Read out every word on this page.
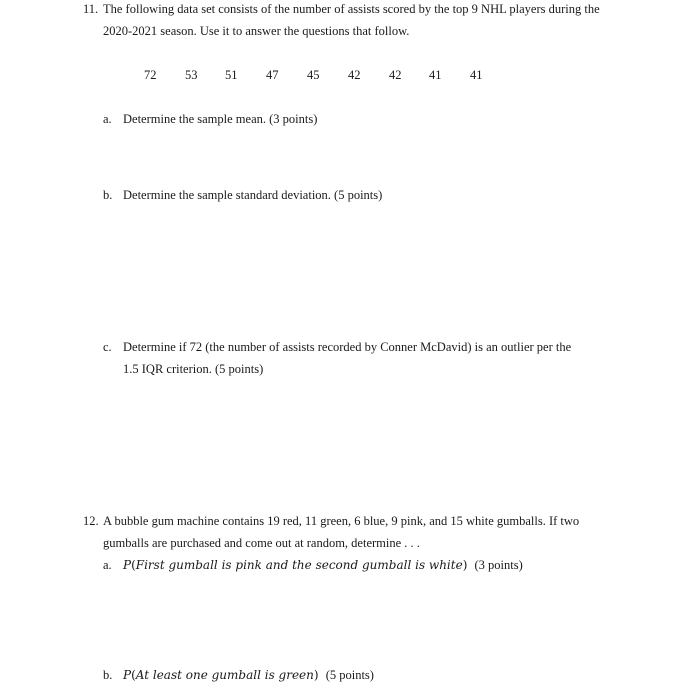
11. The following data set consists of the number of assists scored by the top 9 NHL players during the
2020-2021 season. Use it to answer the questions that follow.
72 53 51 47 45 42 42 41 41
a. Determine the sample mean. (3 points)
b. Determine the sample standard deviation. (5 points)
c. Determine if 72 (the number of assists recorded by Conner McDavid) is an outlier per the
1.5 IQR criterion. (5 points)
12. A bubble gum machine contains 19 red, 11 green, 6 blue, 9 pink, and 15 white gumballs. If two
gumballs are purchased and come out at random, determine . . .
a. P(First gumball is pink and the second gumball is white) (3 points)
b. P(At least one gumball is green) (5 points)
